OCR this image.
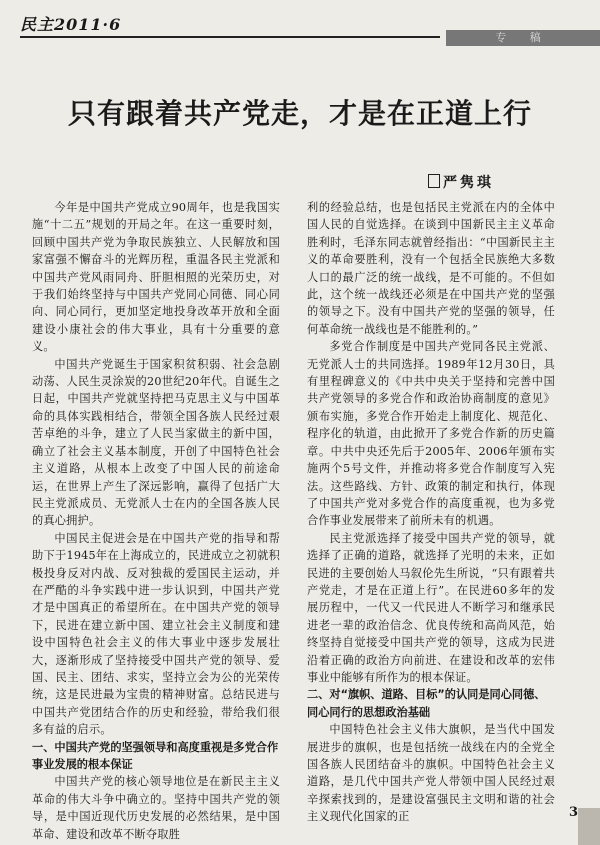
民主2011·6
专 稿
只有跟着共产党走，才是在正道上行
严隽琪

今年是中国共产党成立90周年，也是我国实施“十二五”规划的开局之年。在这一重要时刻，回顾中国共产党为争取民族独立、人民解放和国家富强不懈奋斗的光辉历程，重温各民主党派和中国共产党风雨同舟、肝胆相照的光荣历史，对于我们始终坚持与中国共产党同心同德、同心同向、同心同行，更加坚定地投身改革开放和全面建设小康社会的伟大事业，具有十分重要的意义。

中国共产党诞生于国家积贫积弱、社会急剧动荡、人民生灵涂炭的20世纪20年代。自诞生之日起，中国共产党就坚持把马克思主义与中国革命的具体实践相结合，带领全国各族人民经过艰苦卓绝的斗争，建立了人民当家做主的新中国，确立了社会主义基本制度，开创了中国特色社会主义道路，从根本上改变了中国人民的前途命运，在世界上产生了深远影响，赢得了包括广大民主党派成员、无党派人士在内的全国各族人民的真心拥护。

中国民主促进会是在中国共产党的指导和帮助下于1945年在上海成立的，民进成立之初就积极投身反对内战、反对独裁的爱国民主运动，并在严酷的斗争实践中进一步认识到，中国共产党才是中国真正的希望所在。在中国共产党的领导下，民进在建立新中国、建立社会主义制度和建设中国特色社会主义的伟大事业中逐步发展壮大，逐渐形成了坚持接受中国共产党的领导、爱国、民主、团结、求实，坚持立会为公的光荣传统，这是民进最为宝贵的精神财富。总结民进与中国共产党团结合作的历史和经验，带给我们很多有益的启示。

一、中国共产党的坚强领导和高度重视是多党合作事业发展的根本保证

中国共产党的核心领导地位是在新民主主义革命的伟大斗争中确立的。坚持中国共产党的领导，是中国近现代历史发展的必然结果，是中国革命、建设和改革不断夺取胜

利的经验总结，也是包括民主党派在内的全体中国人民的自觉选择。在谈到中国新民主主义革命胜利时，毛泽东同志就曾经指出：“中国新民主主义的革命要胜利，没有一个包括全民族绝大多数人口的最广泛的统一战线，是不可能的。不但如此，这个统一战线还必须是在中国共产党的坚强的领导之下。没有中国共产党的坚强的领导，任何革命统一战线也是不能胜利的。”

多党合作制度是中国共产党同各民主党派、无党派人士的共同选择。1989年12月30日，具有里程碑意义的《中共中央关于坚持和完善中国共产党领导的多党合作和政治协商制度的意见》颁布实施，多党合作开始走上制度化、规范化、程序化的轨道，由此掀开了多党合作新的历史篇章。中共中央还先后于2005年、2006年颁布实施两个5号文件，并推动将多党合作制度写入宪法。这些路线、方针、政策的制定和执行，体现了中国共产党对多党合作的高度重视，也为多党合作事业发展带来了前所未有的机遇。

民主党派选择了接受中国共产党的领导，就选择了正确的道路，就选择了光明的未来，正如民进的主要创始人马叙伦先生所说，“只有跟着共产党走，才是在正道上行”。在民进60多年的发展历程中，一代又一代民进人不断学习和继承民进老一辈的政治信念、优良传统和高尚风范，始终坚持自觉接受中国共产党的领导，这成为民进沿着正确的政治方向前进、在建设和改革的宏伟事业中能够有所作为的根本保证。

二、对“旗帜、道路、目标”的认同是同心同德、同心同行的思想政治基础

中国特色社会主义伟大旗帜，是当代中国发展进步的旗帜，也是包括统一战线在内的全党全国各族人民团结奋斗的旗帜。中国特色社会主义道路，是几代中国共产党人带领中国人民经过艰辛探索找到的，是建设富强民主文明和谐的社会主义现代化国家的正	3
